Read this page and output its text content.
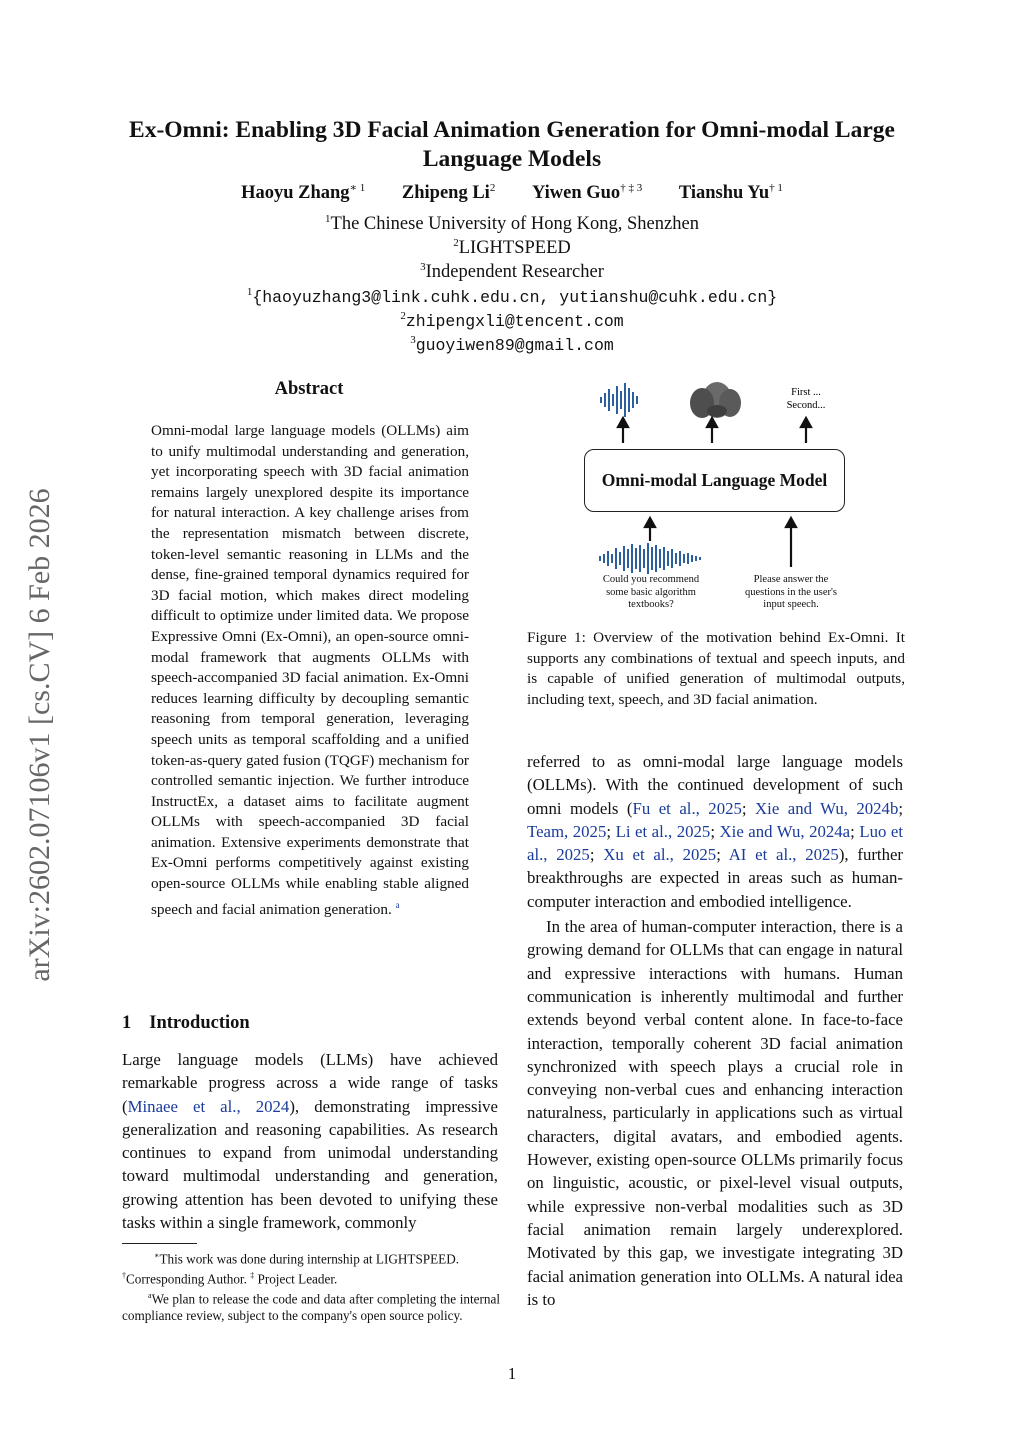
arXiv:2602.07106v1 [cs.CV] 6 Feb 2026
Ex-Omni: Enabling 3D Facial Animation Generation for Omni-modal Large Language Models
Haoyu Zhang$^{∗ 1}$ Zhipeng Li$^2$ Yiwen Guo$^{\dagger \ddagger 3}$ Tianshu Yu$^{\dagger 1}$
$^1$The Chinese University of Hong Kong, Shenzhen
$^2$LIGHTSPEED
$^3$Independent Researcher
$^1${haoyuzhang3@link.cuhk.edu.cn, yutianshu@cuhk.edu.cn}
$^2$zhipengxli@tencent.com
$^3$guoyiwen89@gmail.com
Abstract
Omni-modal large language models (OLLMs) aim to unify multimodal understanding and generation, yet incorporating speech with 3D facial animation remains largely unexplored despite its importance for natural interaction. A key challenge arises from the representation mismatch between discrete, token-level semantic reasoning in LLMs and the dense, fine-grained temporal dynamics required for 3D facial motion, which makes direct modeling difficult to optimize under limited data. We propose Expressive Omni (Ex-Omni), an open-source omni-modal framework that augments OLLMs with speech-accompanied 3D facial animation. Ex-Omni reduces learning difficulty by decoupling semantic reasoning from temporal generation, leveraging speech units as temporal scaffolding and a unified token-as-query gated fusion (TQGF) mechanism for controlled semantic injection. We further introduce InstructEx, a dataset aims to facilitate augment OLLMs with speech-accompanied 3D facial animation. Extensive experiments demonstrate that Ex-Omni performs competitively against existing open-source OLLMs while enabling stable aligned speech and facial animation generation. $^a$
1 Introduction
Large language models (LLMs) have achieved remarkable progress across a wide range of tasks (Minaee et al., 2024), demonstrating impressive generalization and reasoning capabilities. As research continues to expand from unimodal understanding toward multimodal understanding and generation, growing attention has been devoted to unifying these tasks within a single framework, commonly
∗This work was done during internship at LIGHTSPEED.
†Corresponding Author. ‡ Project Leader.
$^a$We plan to release the code and data after completing the internal compliance review, subject to the company's open source policy.
First ...
Second...
Could you recommend some basic algorithm textbooks?
Please answer the questions in the user's input speech.
Omni-modal Language Model
Figure 1: Overview of the motivation behind Ex-Omni. It supports any combinations of textual and speech inputs, and is capable of unified generation of multimodal outputs, including text, speech, and 3D facial animation.
referred to as omni-modal large language models (OLLMs). With the continued development of such omni models (Fu et al., 2025; Xie and Wu, 2024b; Team, 2025; Li et al., 2025; Xie and Wu, 2024a; Luo et al., 2025; Xu et al., 2025; AI et al., 2025), further breakthroughs are expected in areas such as human-computer interaction and embodied intelligence.
In the area of human-computer interaction, there is a growing demand for OLLMs that can engage in natural and expressive interactions with humans. Human communication is inherently multimodal and further extends beyond verbal content alone. In face-to-face interaction, temporally coherent 3D facial animation synchronized with speech plays a crucial role in conveying non-verbal cues and enhancing interaction naturalness, particularly in applications such as virtual characters, digital avatars, and embodied agents. However, existing open-source OLLMs primarily focus on linguistic, acoustic, or pixel-level visual outputs, while expressive non-verbal modalities such as 3D facial animation remain largely underexplored. Motivated by this gap, we investigate integrating 3D facial animation generation into OLLMs. A natural idea is to
1
